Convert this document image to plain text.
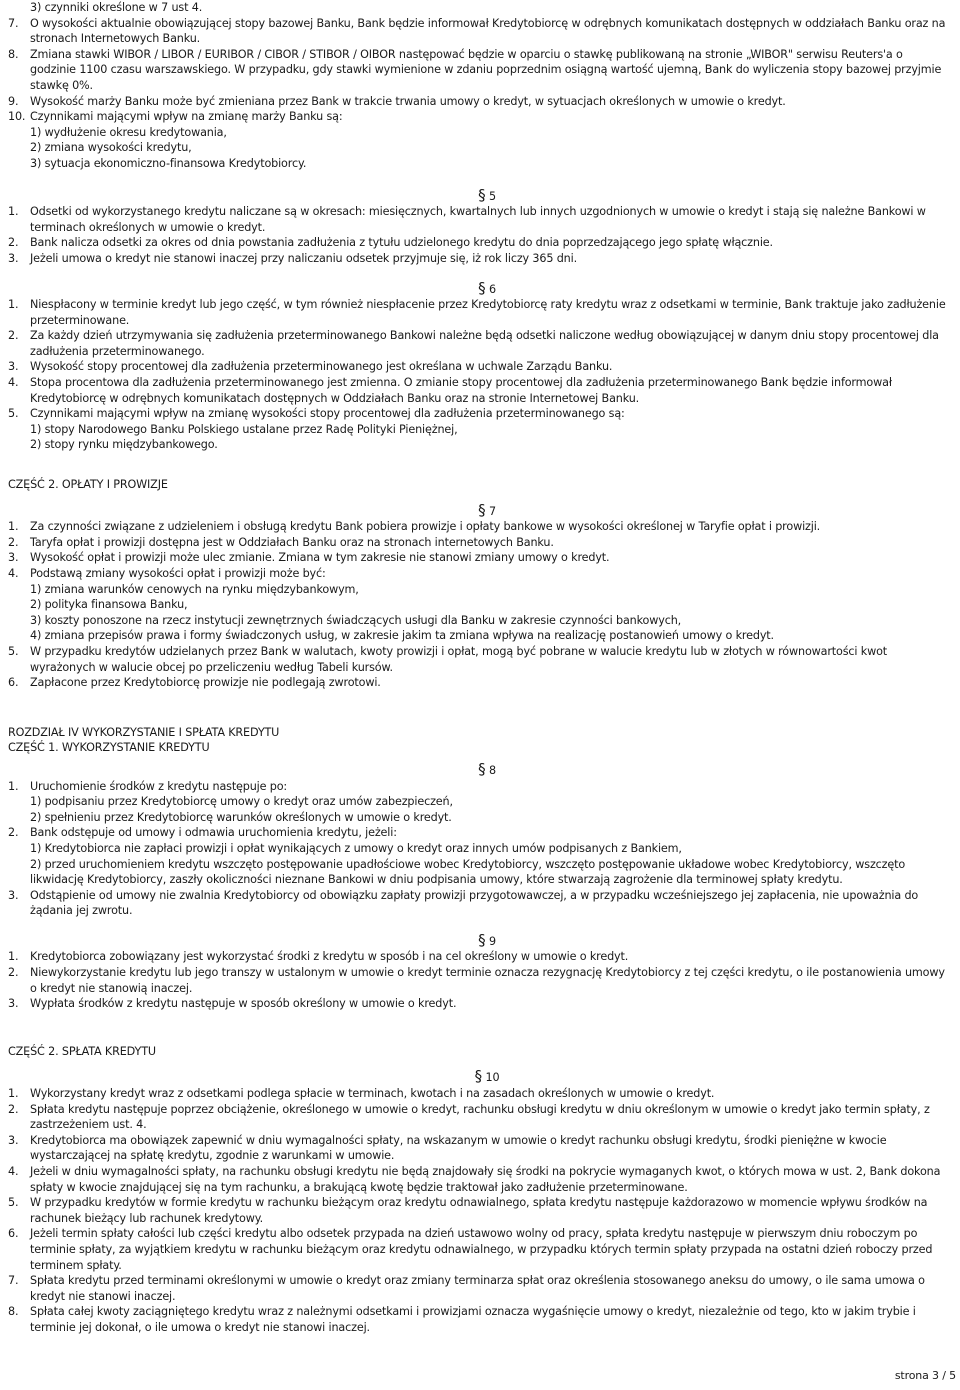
3) czynniki określone w 7 ust 4.
7.	O wysokości aktualnie obowiązującej stopy bazowej Banku, Bank będzie informował Kredytobiorcę w odrębnych komunikatach dostępnych w oddziałach Banku oraz na stronach Internetowych Banku.
8.	Zmiana stawki WIBOR / LIBOR / EURIBOR / CIBOR / STIBOR / OIBOR następować będzie w oparciu o stawkę publikowaną na stronie „WIBOR" serwisu Reuters'a o godzinie 1100 czasu warszawskiego. W przypadku, gdy stawki wymienione w zdaniu poprzednim osiągną wartość ujemną, Bank do wyliczenia stopy bazowej przyjmie stawkę 0%.
9.	Wysokość marży Banku może być zmieniana przez Bank w trakcie trwania umowy o kredyt, w sytuacjach określonych w umowie o kredyt.
10. Czynnikami mającymi wpływ na zmianę marży Banku są:
1) wydłużenie okresu kredytowania,
2) zmiana wysokości kredytu,
3) sytuacja ekonomiczno-finansowa Kredytobiorcy.
§ 5
1.	Odsetki od wykorzystanego kredytu naliczane są w okresach: miesięcznych, kwartalnych lub innych uzgodnionych w umowie o kredyt i stają się należne Bankowi w terminach określonych w umowie o kredyt.
2.	Bank nalicza odsetki za okres od dnia powstania zadłużenia z tytułu udzielonego kredytu do dnia poprzedzającego jego spłatę włącznie.
3.	Jeżeli umowa o kredyt nie stanowi inaczej przy naliczaniu odsetek przyjmuje się, iż rok liczy 365 dni.
§ 6
1.	Niespłacony w terminie kredyt lub jego część, w tym również niespłacenie przez Kredytobiorcę raty kredytu wraz z odsetkami w terminie, Bank traktuje jako zadłużenie przeterminowane.
2.	Za każdy dzień utrzymywania się zadłużenia przeterminowanego Bankowi należne będą odsetki naliczone według obowiązującej w danym dniu stopy procentowej dla zadłużenia przeterminowanego.
3.	Wysokość stopy procentowej dla zadłużenia przeterminowanego jest określana w uchwale Zarządu Banku.
4.	Stopa procentowa dla zadłużenia przeterminowanego jest zmienna. O zmianie stopy procentowej dla zadłużenia przeterminowanego Bank będzie informował Kredytobiorcę w odrębnych komunikatach dostępnych w Oddziałach Banku oraz na stronie Internetowej Banku.
5.	Czynnikami mającymi wpływ na zmianę wysokości stopy procentowej dla zadłużenia przeterminowanego są:
1) stopy Narodowego Banku Polskiego ustalane przez Radę Polityki Pieniężnej,
2) stopy rynku międzybankowego.
CZĘŚĆ 2. OPŁATY I PROWIZJE
§ 7
1.	Za czynności związane z udzieleniem i obsługą kredytu Bank pobiera prowizje i opłaty bankowe w wysokości określonej w Taryfie opłat i prowizji.
2.	Taryfa opłat i prowizji dostępna jest w Oddziałach Banku oraz na stronach internetowych Banku.
3.	Wysokość opłat i prowizji może ulec zmianie. Zmiana w tym zakresie nie stanowi zmiany umowy o kredyt.
4.	Podstawą zmiany wysokości opłat i prowizji może być:
1) zmiana warunków cenowych na rynku międzybankowym,
2) polityka finansowa Banku,
3) koszty ponoszone na rzecz instytucji zewnętrznych świadczących usługi dla Banku w zakresie czynności bankowych,
4) zmiana przepisów prawa i formy świadczonych usług, w zakresie jakim ta zmiana wpływa na realizację postanowień umowy o kredyt.
5.	W przypadku kredytów udzielanych przez Bank w walutach, kwoty prowizji i opłat, mogą być pobrane w walucie kredytu lub w złotych w równowartości kwot wyrażonych w walucie obcej po przeliczeniu według Tabeli kursów.
6.	Zapłacone przez Kredytobiorcę prowizje nie podlegają zwrotowi.
ROZDZIAŁ IV WYKORZYSTANIE I SPŁATA KREDYTU
CZĘŚĆ 1. WYKORZYSTANIE KREDYTU
§ 8
1.	Uruchomienie środków z kredytu następuje po:
1) podpisaniu przez Kredytobiorcę umowy o kredyt oraz umów zabezpieczeń,
2) spełnieniu przez Kredytobiorcę warunków określonych w umowie o kredyt.
2.	Bank odstępuje od umowy i odmawia uruchomienia kredytu, jeżeli:
1) Kredytobiorca nie zapłaci prowizji i opłat wynikających z umowy o kredyt oraz innych umów podpisanych z Bankiem,
2) przed uruchomieniem kredytu wszczęto postępowanie upadłościowe wobec Kredytobiorcy, wszczęto postępowanie układowe wobec Kredytobiorcy, wszczęto likwidację Kredytobiorcy, zaszły okoliczności nieznane Bankowi w dniu podpisania umowy, które stwarzają zagrożenie dla terminowej spłaty kredytu.
3.	Odstąpienie od umowy nie zwalnia Kredytobiorcy od obowiązku zapłaty prowizji przygotowawczej, a w przypadku wcześniejszego jej zapłacenia, nie upoważnia do żądania jej zwrotu.
§ 9
1.	Kredytobiorca zobowiązany jest wykorzystać środki z kredytu w sposób i na cel określony w umowie o kredyt.
2.	Niewykorzystanie kredytu lub jego transzy w ustalonym w umowie o kredyt terminie oznacza rezygnację Kredytobiorcy z tej części kredytu, o ile postanowienia umowy o kredyt nie stanowią inaczej.
3.	Wypłata środków z kredytu następuje w sposób określony w umowie o kredyt.
CZĘŚĆ 2. SPŁATA KREDYTU
§ 10
1.	Wykorzystany kredyt wraz z odsetkami podlega spłacie w terminach, kwotach i na zasadach określonych w umowie o kredyt.
2.	Spłata kredytu następuje poprzez obciążenie, określonego w umowie o kredyt, rachunku obsługi kredytu w dniu określonym w umowie o kredyt jako termin spłaty, z zastrzeżeniem ust. 4.
3.	Kredytobiorca ma obowiązek zapewnić w dniu wymagalności spłaty, na wskazanym w umowie o kredyt rachunku obsługi kredytu, środki pieniężne w kwocie wystarczającej na spłatę kredytu, zgodnie z warunkami w umowie.
4.	Jeżeli w dniu wymagalności spłaty, na rachunku obsługi kredytu nie będą znajdowały się środki na pokrycie wymaganych kwot, o których mowa w ust. 2, Bank dokona spłaty w kwocie znajdującej się na tym rachunku, a brakującą kwotę będzie traktował jako zadłużenie przeterminowane.
5.	W przypadku kredytów w formie kredytu w rachunku bieżącym oraz kredytu odnawialnego, spłata kredytu następuje każdorazowo w momencie wpływu środków na rachunek bieżący lub rachunek kredytowy.
6.	Jeżeli termin spłaty całości lub części kredytu albo odsetek przypada na dzień ustawowo wolny od pracy, spłata kredytu następuje w pierwszym dniu roboczym po terminie spłaty, za wyjątkiem kredytu w rachunku bieżącym oraz kredytu odnawialnego, w przypadku których termin spłaty przypada na ostatni dzień roboczy przed terminem spłaty.
7.	Spłata kredytu przed terminami określonymi w umowie o kredyt oraz zmiany terminarza spłat oraz określenia stosowanego aneksu do umowy, o ile sama umowa o kredyt nie stanowi inaczej.
8.	Spłata całej kwoty zaciągniętego kredytu wraz z należnymi odsetkami i prowizjami oznacza wygaśnięcie umowy o kredyt, niezależnie od tego, kto w jakim trybie i terminie jej dokonał, o ile umowa o kredyt nie stanowi inaczej.
strona 3 / 5
